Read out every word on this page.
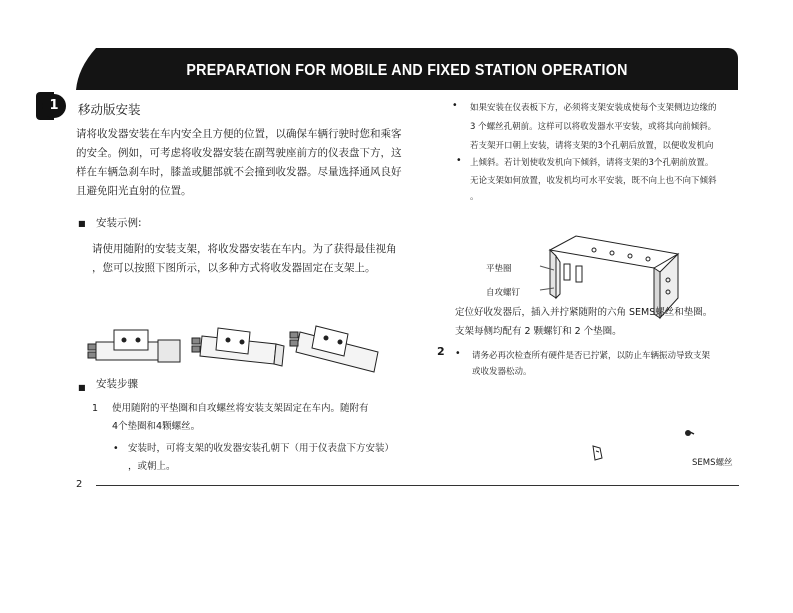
PREPARATION FOR MOBILE AND FIXED STATION OPERATION
1	移动版安装
请将收发器安装在车内安全且方便的位置，以确保车辆行驶时您和乘客
的安全。例如，可考虑将收发器安装在副驾驶座前方的仪表盘下方，这
样在车辆急刹车时，膝盖或腿部就不会撞到收发器。尽量选择通风良好
且避免阳光直射的位置。
■ 安装示例:
请使用随附的安装支架，将收发器安装在车内。为了获得最佳视角
，您可以按照下图所示，以多种方式将收发器固定在支架上。
■ 安装步骤
1 使用随附的平垫圈和自攻螺丝将安装支架固定在车内。随附有
4个垫圈和4颗螺丝。
• 安装时，可将支架的收发器安装孔朝下（用于仪表盘下方安装）
，或朝上。
• 如果安装在仪表板下方，必须将支架安装成使每个支架侧边边缘的
3 个螺丝孔朝前。这样可以将收发器水平安装，或将其向前倾斜。
若支架开口朝上安装，请将支架的3个孔朝后放置，以便收发机向
• 上倾斜。若计划使收发机向下倾斜，请将支架的3个孔朝前放置。
无论支架如何放置，收发机均可水平安装，既不向上也不向下倾斜
。
平垫圈
自攻螺钉
定位好收发器后，插入并拧紧随附的六角 SEMS螺丝和垫圈。
支架每侧均配有 2 颗螺钉和 2 个垫圈。
2 • 请务必再次检查所有硬件是否已拧紧，以防止车辆振动导致支架
或收发器松动。
SEMS螺丝
2
